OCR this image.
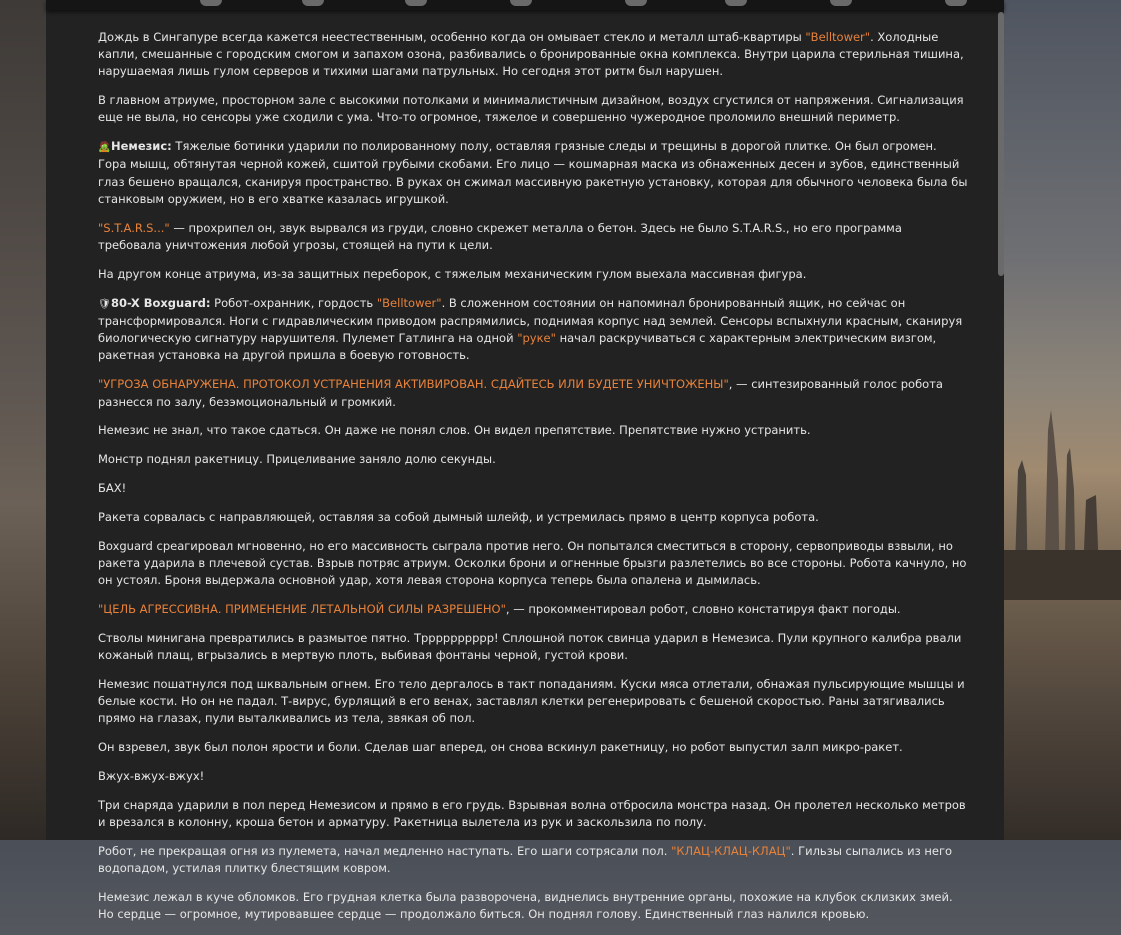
Дождь в Сингапуре всегда кажется неестественным, особенно когда он омывает стекло и металл штаб-квартиры "Belltower". Холодные капли, смешанные с городским смогом и запахом озона, разбивались о бронированные окна комплекса. Внутри царила стерильная тишина, нарушаемая лишь гулом серверов и тихими шагами патрульных. Но сегодня этот ритм был нарушен.

В главном атриуме, просторном зале с высокими потолками и минималистичным дизайном, воздух сгустился от напряжения. Сигнализация еще не выла, но сенсоры уже сходили с ума. Что-то огромное, тяжелое и совершенно чужеродное проломило внешний периметр.

🧟Немезис: Тяжелые ботинки ударили по полированному полу, оставляя грязные следы и трещины в дорогой плитке. Он был огромен. Гора мышц, обтянутая черной кожей, сшитой грубыми скобами. Его лицо — кошмарная маска из обнаженных десен и зубов, единственный глаз бешено вращался, сканируя пространство. В руках он сжимал массивную ракетную установку, которая для обычного человека была бы станковым оружием, но в его хватке казалась игрушкой.

"S.T.A.R.S..." — прохрипел он, звук вырвался из груди, словно скрежет металла о бетон. Здесь не было S.T.A.R.S., но его программа требовала уничтожения любой угрозы, стоящей на пути к цели.

На другом конце атриума, из-за защитных переборок, с тяжелым механическим гулом выехала массивная фигура.

🛡80-X Boxguard: Робот-охранник, гордость "Belltower". В сложенном состоянии он напоминал бронированный ящик, но сейчас он трансформировался. Ноги с гидравлическим приводом распрямились, поднимая корпус над землей. Сенсоры вспыхнули красным, сканируя биологическую сигнатуру нарушителя. Пулемет Гатлинга на одной "руке" начал раскручиваться с характерным электрическим визгом, ракетная установка на другой пришла в боевую готовность.

"УГРОЗА ОБНАРУЖЕНА. ПРОТОКОЛ УСТРАНЕНИЯ АКТИВИРОВАН. СДАЙТЕСЬ ИЛИ БУДЕТЕ УНИЧТОЖЕНЫ", — синтезированный голос робота разнесся по залу, безэмоциональный и громкий.

Немезис не знал, что такое сдаться. Он даже не понял слов. Он видел препятствие. Препятствие нужно устранить.

Монстр поднял ракетницу. Прицеливание заняло долю секунды.

БАХ!

Ракета сорвалась с направляющей, оставляя за собой дымный шлейф, и устремилась прямо в центр корпуса робота.

Boxguard среагировал мгновенно, но его массивность сыграла против него. Он попытался сместиться в сторону, сервоприводы взвыли, но ракета ударила в плечевой сустав. Взрыв потряс атриум. Осколки брони и огненные брызги разлетелись во все стороны. Робота качнуло, но он устоял. Броня выдержала основной удар, хотя левая сторона корпуса теперь была опалена и дымилась.

"ЦЕЛЬ АГРЕССИВНА. ПРИМЕНЕНИЕ ЛЕТАЛЬНОЙ СИЛЫ РАЗРЕШЕНО", — прокомментировал робот, словно констатируя факт погоды.

Стволы минигана превратились в размытое пятно. Трррррррррр! Сплошной поток свинца ударил в Немезиса. Пули крупного калибра рвали кожаный плащ, вгрызались в мертвую плоть, выбивая фонтаны черной, густой крови.

Немезис пошатнулся под шквальным огнем. Его тело дергалось в такт попаданиям. Куски мяса отлетали, обнажая пульсирующие мышцы и белые кости. Но он не падал. Т-вирус, бурлящий в его венах, заставлял клетки регенерировать с бешеной скоростью. Раны затягивались прямо на глазах, пули выталкивались из тела, звякая об пол.

Он взревел, звук был полон ярости и боли. Сделав шаг вперед, он снова вскинул ракетницу, но робот выпустил залп микро-ракет.

Вжух-вжух-вжух!

Три снаряда ударили в пол перед Немезисом и прямо в его грудь. Взрывная волна отбросила монстра назад. Он пролетел несколько метров и врезался в колонну, кроша бетон и арматуру. Ракетница вылетела из рук и заскользила по полу.

Робот, не прекращая огня из пулемета, начал медленно наступать. Его шаги сотрясали пол. "КЛАЦ-КЛАЦ-КЛАЦ". Гильзы сыпались из него водопадом, устилая плитку блестящим ковром.

Немезис лежал в куче обломков. Его грудная клетка была разворочена, виднелись внутренние органы, похожие на клубок склизких змей. Но сердце — огромное, мутировавшее сердце — продолжало биться. Он поднял голову. Единственный глаз налился кровью.
